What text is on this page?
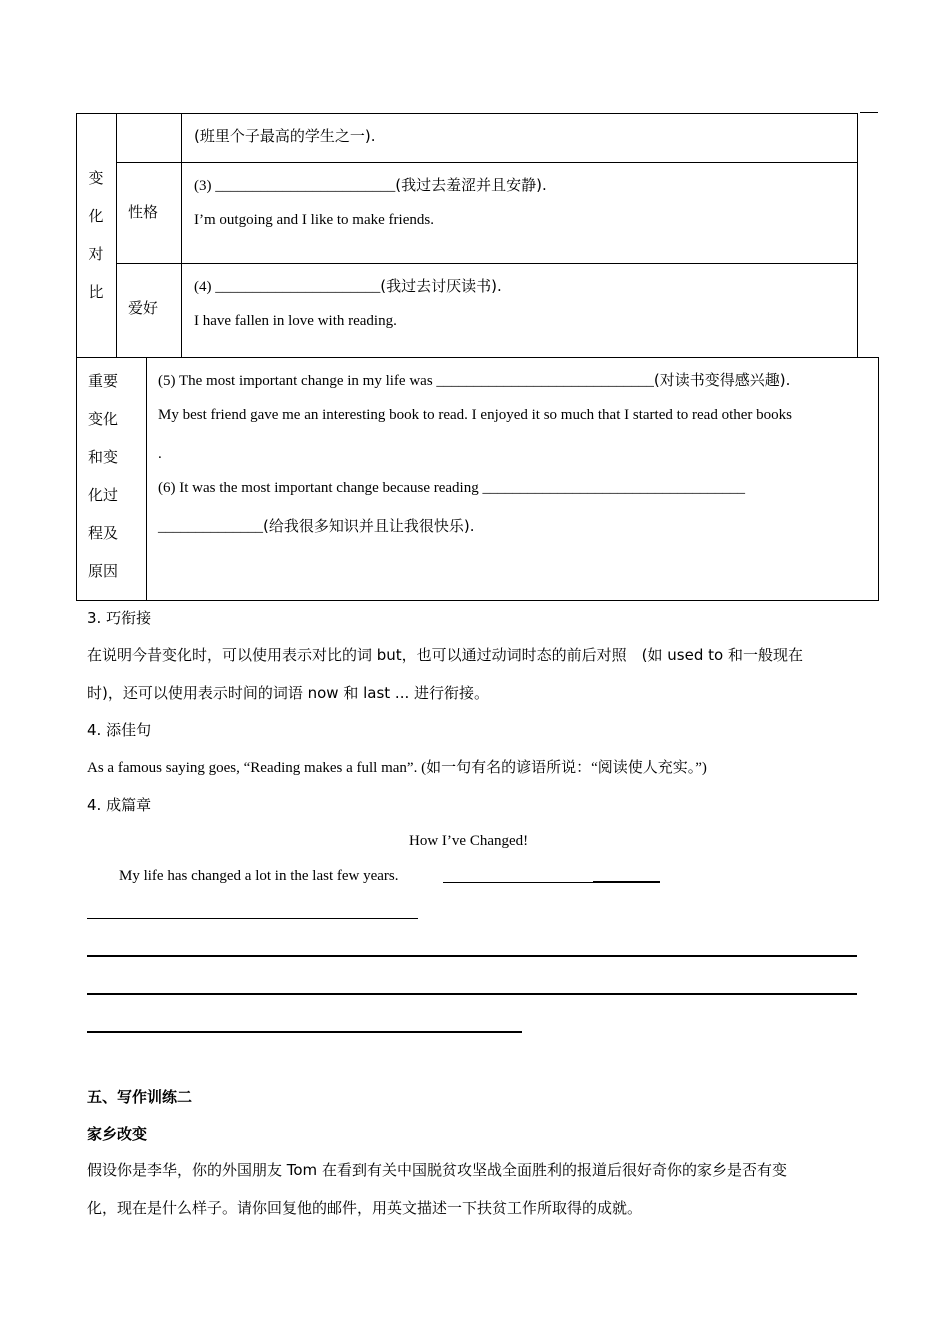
变
化
对
比
(班里个子最高的学生之一).
性格
(3) ________________________(我过去羞涩并且安静).
I’m outgoing and I like to make friends.
爱好
(4) ______________________(我过去讨厌读书).
I have fallen in love with reading.
重要
变化
和变
化过
程及
原因
(5) The most important change in my life was _____________________________(对读书变得感兴趣).
My best friend gave me an interesting book to read. I enjoyed it so much that I started to read other books
.
(6) It was the most important change because reading ___________________________________
______________(给我很多知识并且让我很快乐).
3. 巧衔接
在说明今昔变化时，可以使用表示对比的词 but，也可以通过动词时态的前后对照　(如 used to 和一般现在
时)，还可以使用表示时间的词语 now 和 last ... 进行衔接。
4. 添佳句
As a famous saying goes, “Reading makes a full man”. (如一句有名的谚语所说：“阅读使人充实。”)
4. 成篇章
How I’ve Changed!
My life has changed a lot in the last few years.
五、写作训练二
家乡改变
假设你是李华，你的外国朋友 Tom 在看到有关中国脱贫攻坚战全面胜利的报道后很好奇你的家乡是否有变
化，现在是什么样子。请你回复他的邮件，用英文描述一下扶贫工作所取得的成就。
